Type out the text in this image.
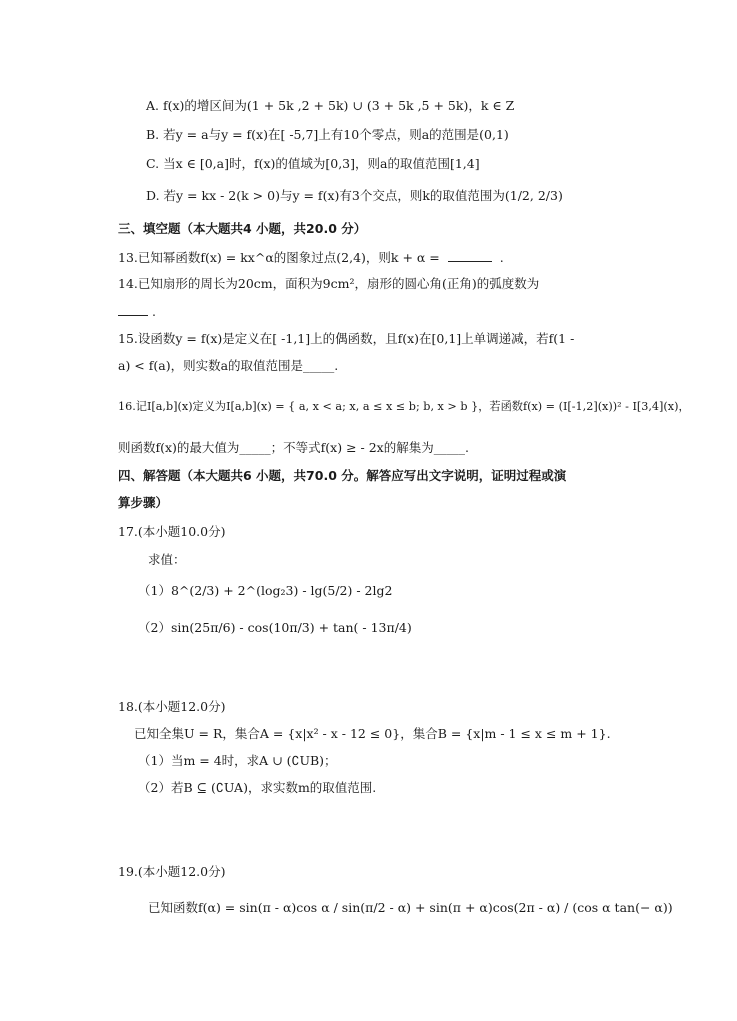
A. f(x)的增区间为(1 + 5k ,2 + 5k) ∪ (3 + 5k ,5 + 5k)，k ∈ Z
B. 若y = a与y = f(x)在[ -5,7]上有10个零点，则a的范围是(0,1)
C. 当x ∈ [0,a]时，f(x)的值域为[0,3]，则a的取值范围[1,4]
D. 若y = kx - 2(k > 0)与y = f(x)有3个交点，则k的取值范围为(1/2, 2/3)
三、填空题（本大题共4 小题，共20.0 分）
13.已知幂函数f(x) = kx^α的图象过点(2,4)，则k + α =	.
14.已知扇形的周长为20cm，面积为9cm²，扇形的圆心角(正角)的弧度数为
.
15.设函数y = f(x)是定义在[ -1,1]上的偶函数，且f(x)在[0,1]上单调递减，若f(1 -
a) < f(a)，则实数a的取值范围是_____.
16.记I[a,b](x)定义为I[a,b](x) = { a, x < a; x, a ≤ x ≤ b; b, x > b }，若函数f(x) = (I[-1,2](x))² - I[3,4](x)，
则函数f(x)的最大值为_____；不等式f(x) ≥ - 2x的解集为_____.
四、解答题（本大题共6 小题，共70.0 分。解答应写出文字说明，证明过程或演
算步骤）
17.(本小题10.0分)
求值：
（1）8^(2/3) + 2^(log₂3) - lg(5/2) - 2lg2
（2）sin(25π/6) - cos(10π/3) + tan( - 13π/4)
18.(本小题12.0分)
已知全集U = R，集合A = {x|x² - x - 12 ≤ 0}，集合B = {x|m - 1 ≤ x ≤ m + 1}.
（1）当m = 4时，求A ∪ (∁UB)；
（2）若B ⊆ (∁UA)，求实数m的取值范围.
19.(本小题12.0分)
已知函数f(α) = sin(π - α)cos α / sin(π/2 - α) + sin(π + α)cos(2π - α) / (cos α tan(− α))
